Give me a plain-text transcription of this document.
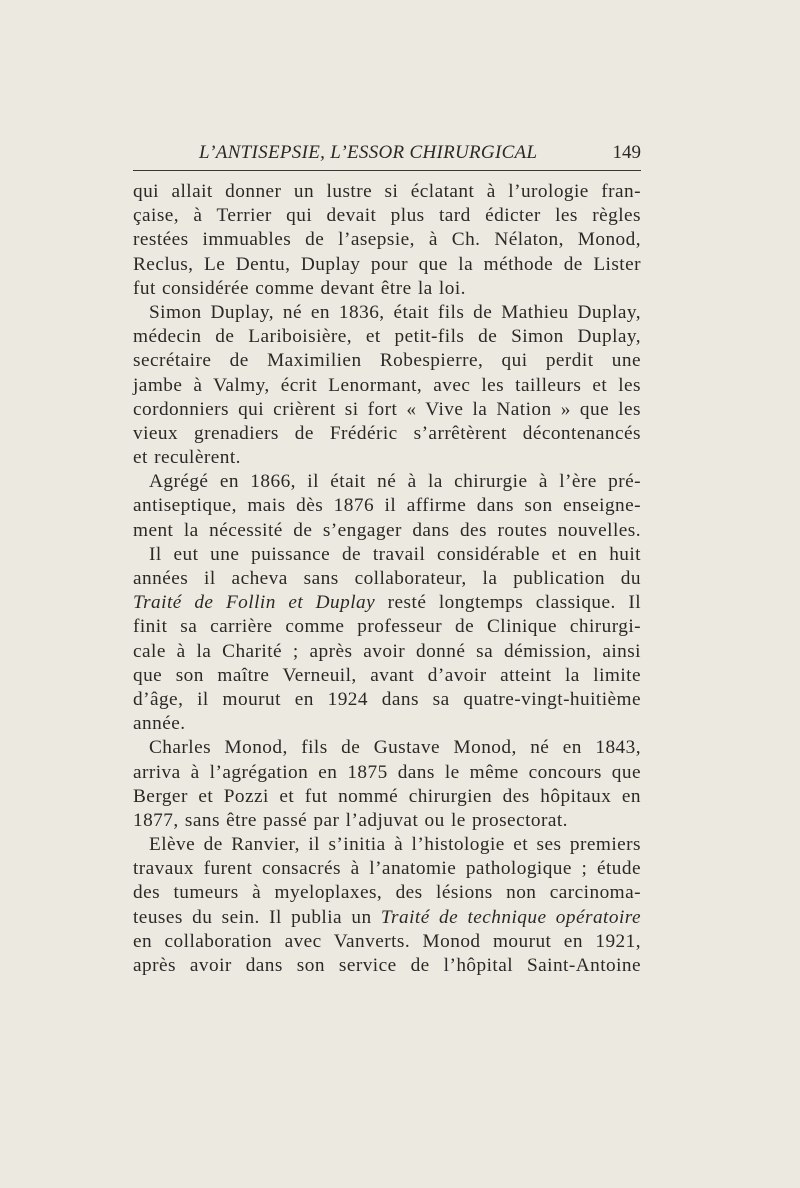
L’ANTISEPSIE, L’ESSOR CHIRURGICAL	149
qui allait donner un lustre si éclatant à l’urologie fran-
çaise, à Terrier qui devait plus tard édicter les règles
restées immuables de l’asepsie, à Ch. Nélaton, Monod,
Reclus, Le Dentu, Duplay pour que la méthode de Lister
fut considérée comme devant être la loi.
Simon Duplay, né en 1836, était fils de Mathieu Duplay,
médecin de Lariboisière, et petit-fils de Simon Duplay,
secrétaire de Maximilien Robespierre, qui perdit une
jambe à Valmy, écrit Lenormant, avec les tailleurs et les
cordonniers qui crièrent si fort « Vive la Nation » que les
vieux grenadiers de Frédéric s’arrêtèrent décontenancés
et reculèrent.
Agrégé en 1866, il était né à la chirurgie à l’ère pré-
antiseptique, mais dès 1876 il affirme dans son enseigne-
ment la nécessité de s’engager dans des routes nouvelles.
Il eut une puissance de travail considérable et en huit
années il acheva sans collaborateur, la publication du
Traité de Follin et Duplay resté longtemps classique. Il
finit sa carrière comme professeur de Clinique chirurgi-
cale à la Charité ; après avoir donné sa démission, ainsi
que son maître Verneuil, avant d’avoir atteint la limite
d’âge, il mourut en 1924 dans sa quatre-vingt-huitième
année.
Charles Monod, fils de Gustave Monod, né en 1843,
arriva à l’agrégation en 1875 dans le même concours que
Berger et Pozzi et fut nommé chirurgien des hôpitaux en
1877, sans être passé par l’adjuvat ou le prosectorat.
Elève de Ranvier, il s’initia à l’histologie et ses premiers
travaux furent consacrés à l’anatomie pathologique ; étude
des tumeurs à myeloplaxes, des lésions non carcinoma-
teuses du sein. Il publia un Traité de technique opératoire
en collaboration avec Vanverts. Monod mourut en 1921,
après avoir dans son service de l’hôpital Saint-Antoine
